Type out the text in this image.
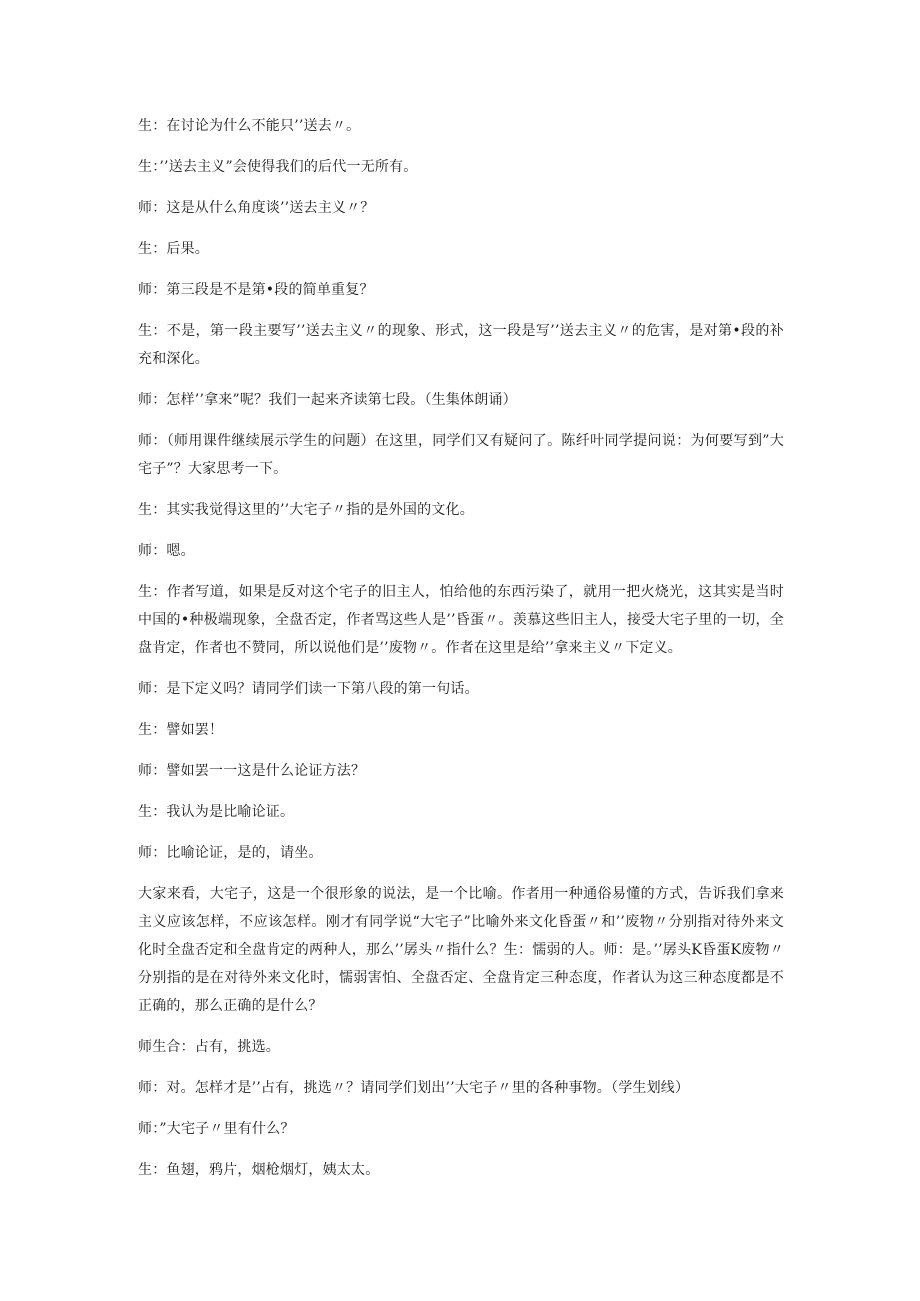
生：在讨论为什么不能只’’送去〃。

生：’’送去主义”会使得我们的后代一无所有。

师：这是从什么角度谈’’送去主义〃？

生：后果。

师：第三段是不是第•段的简单重复？

生：不是，第一段主要写’’送去主义〃的现象、形式，这一段是写’’送去主义〃的危害，是对第•段的补充和深化。

师：怎样’’拿来”呢？我们一起来齐读第七段。（生集体朗诵）

师：（师用课件继续展示学生的问题）在这里，同学们又有疑问了。陈纤叶同学提问说：为何要写到”大宅子”？大家思考一下。

生：其实我觉得这里的’’大宅子〃指的是外国的文化。

师：嗯。

生：作者写道，如果是反对这个宅子的旧主人，怕给他的东西污染了，就用一把火烧光，这其实是当时中国的•种极端现象，全盘否定，作者骂这些人是’’昏蛋〃。羡慕这些旧主人，接受大宅子里的一切，全盘肯定，作者也不赞同，所以说他们是’’废物〃。作者在这里是给’’拿来主义〃下定义。

师：是下定义吗？请同学们读一下第八段的第一句话。

生：譬如罢！

师：譬如罢一一这是什么论证方法？

生：我认为是比喻论证。

师：比喻论证，是的，请坐。

大家来看，大宅子，这是一个很形象的说法，是一个比喻。作者用一种通俗易懂的方式，告诉我们拿来主义应该怎样，不应该怎样。刚才有同学说“大宅子”比喻外来文化昏蛋〃和’’废物〃分别指对待外来文化时全盘否定和全盘肯定的两种人，那么’’孱头〃指什么？生：懦弱的人。师：是。’’孱头K昏蛋K废物〃分别指的是在对待外来文化时，懦弱害怕、全盘否定、全盘肯定三种态度，作者认为这三种态度都是不正确的，那么正确的是什么？

师生合：占有，挑选。

师：对。怎样才是’’占有，挑选〃？请同学们划出’’大宅子〃里的各种事物。（学生划线）

师：”大宅子〃里有什么？

生：鱼翅，鸦片，烟枪烟灯，姨太太。
